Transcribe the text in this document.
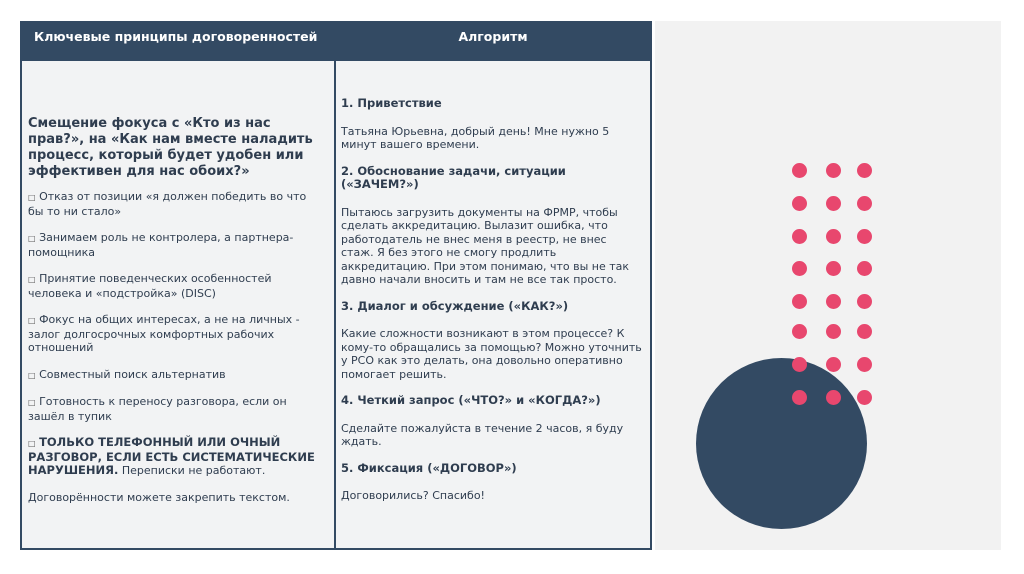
Ключевые принципы договоренностей	Алгоритм
Смещение фокуса с «Кто из нас прав?», на «Как нам вместе наладить процесс, который будет удобен или эффективен для нас обоих?»
□ Отказ от позиции «я должен победить во что бы то ни стало»
□ Занимаем роль не контролера, а партнера-помощника
□ Принятие поведенческих особенностей человека и «подстройка» (DISC)
□ Фокус на общих интересах, а не на личных - залог долгосрочных комфортных рабочих отношений
□ Совместный поиск альтернатив
□ Готовность к переносу разговора, если он зашёл в тупик
□ ТОЛЬКО ТЕЛЕФОННЫЙ ИЛИ ОЧНЫЙ РАЗГОВОР, ЕСЛИ ЕСТЬ СИСТЕМАТИЧЕСКИЕ НАРУШЕНИЯ. Переписки не работают.
Договорённости можете закрепить текстом.
1. Приветствие
Татьяна Юрьевна, добрый день! Мне нужно 5 минут вашего времени.
2. Обоснование задачи, ситуации («ЗАЧЕМ?»)
Пытаюсь загрузить документы на ФРМР, чтобы сделать аккредитацию. Вылазит ошибка, что работодатель не внес меня в реестр, не внес стаж. Я без этого не смогу продлить аккредитацию. При этом понимаю, что вы не так давно начали вносить и там не все так просто.
3. Диалог и обсуждение («КАК?»)
Какие сложности возникают в этом процессе? К кому-то обращались за помощью? Можно уточнить у РСО как это делать, она довольно оперативно помогает решить.
4. Четкий запрос («ЧТО?» и «КОГДА?»)
Сделайте пожалуйста в течение 2 часов, я буду ждать.
5. Фиксация («ДОГОВОР»)
Договорились? Спасибо!
